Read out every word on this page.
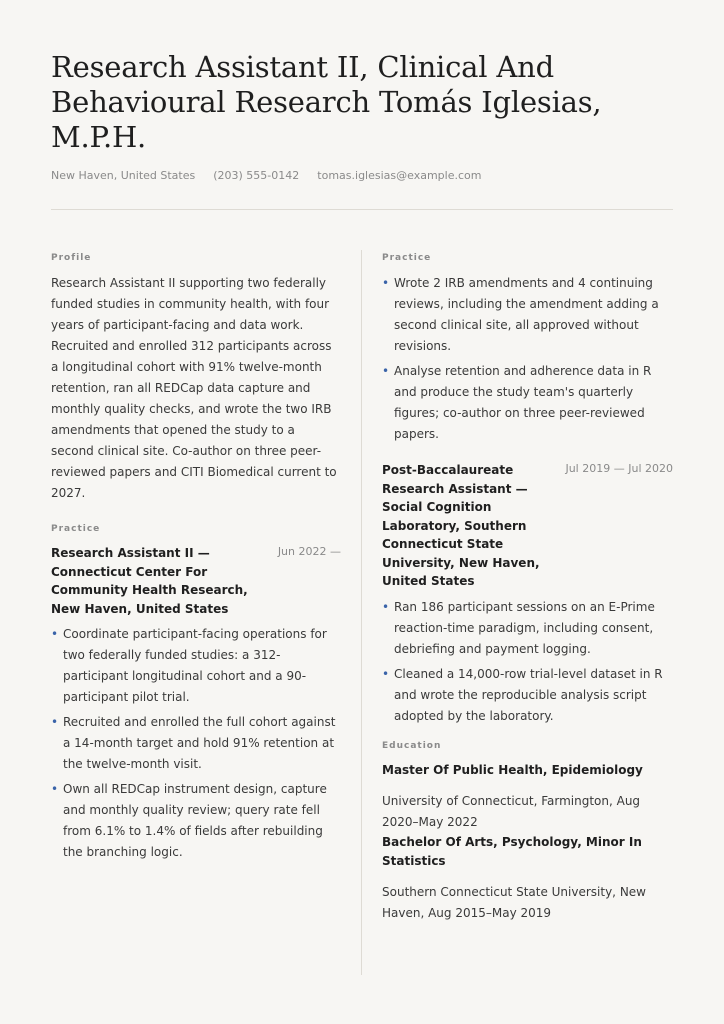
Research Assistant II, Clinical And Behavioural Research Tomás Iglesias, M.P.H.
New Haven, United States (203) 555-0142 tomas.iglesias@example.com
Profile

Research Assistant II supporting two federally funded studies in community health, with four years of participant-facing and data work. Recruited and enrolled 312 participants across a longitudinal cohort with 91% twelve-month retention, ran all REDCap data capture and monthly quality checks, and wrote the two IRB amendments that opened the study to a second clinical site. Co-author on three peer-reviewed papers and CITI Biomedical current to 2027.

Practice
Research Assistant II — Connecticut Center For Community Health Research, New Haven, United States
Jun 2022 —
• Coordinate participant-facing operations for two federally funded studies: a 312-participant longitudinal cohort and a 90-participant pilot trial.
• Recruited and enrolled the full cohort against a 14-month target and hold 91% retention at the twelve-month visit.
• Own all REDCap instrument design, capture and monthly quality review; query rate fell from 6.1% to 1.4% of fields after rebuilding the branching logic.
Practice
• Wrote 2 IRB amendments and 4 continuing reviews, including the amendment adding a second clinical site, all approved without revisions.
• Analyse retention and adherence data in R and produce the study team's quarterly figures; co-author on three peer-reviewed papers.
Post-Baccalaureate Research Assistant — Social Cognition Laboratory, Southern Connecticut State University, New Haven, United States
Jul 2019 — Jul 2020
• Ran 186 participant sessions on an E-Prime reaction-time paradigm, including consent, debriefing and payment logging.
• Cleaned a 14,000-row trial-level dataset in R and wrote the reproducible analysis script adopted by the laboratory.
Education
Master Of Public Health, Epidemiology
University of Connecticut, Farmington, Aug 2020–May 2022
Bachelor Of Arts, Psychology, Minor In Statistics
Southern Connecticut State University, New Haven, Aug 2015–May 2019
